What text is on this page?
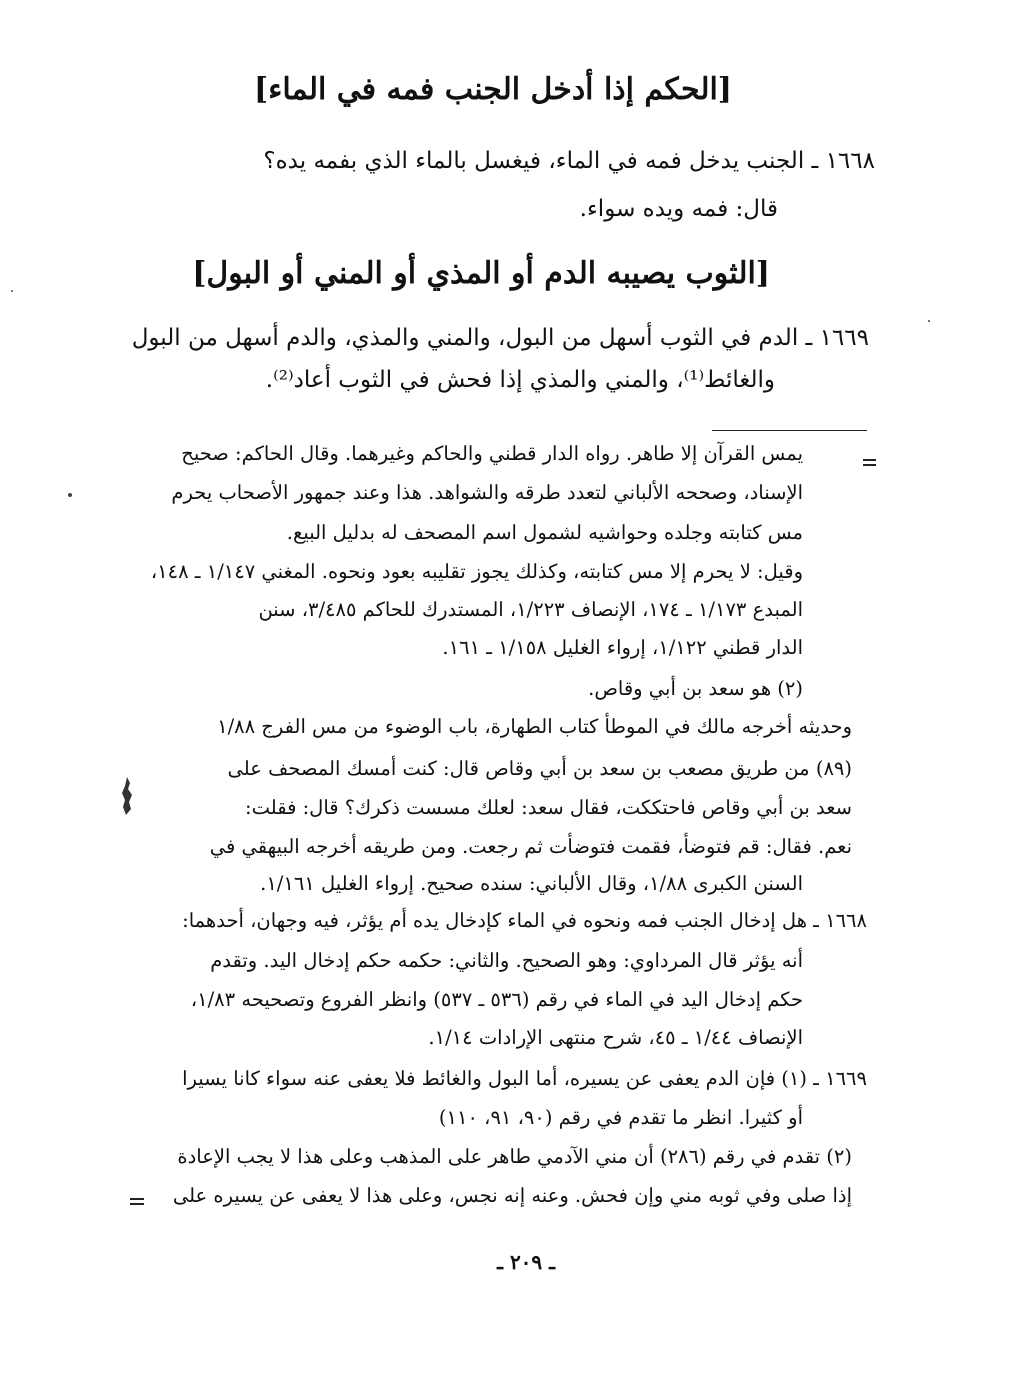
[الحكم إذا أدخل الجنب فمه في الماء]
١٦٦٨ ـ الجنب يدخل فمه في الماء، فيغسل بالماء الذي بفمه يده؟
قال: فمه ويده سواء.
[الثوب يصيبه الدم أو المذي أو المني أو البول]
١٦٦٩ ـ الدم في الثوب أسهل من البول، والمني والمذي، والدم أسهل من البول
والغائط⁽¹⁾، والمني والمذي إذا فحش في الثوب أعاد⁽²⁾.
يمس القرآن إلا طاهر. رواه الدار قطني والحاكم وغيرهما. وقال الحاكم: صحيح
الإسناد، وصححه الألباني لتعدد طرقه والشواهد. هذا وعند جمهور الأصحاب يحرم
مس كتابته وجلده وحواشيه لشمول اسم المصحف له بدليل البيع.
وقيل: لا يحرم إلا مس كتابته، وكذلك يجوز تقليبه بعود ونحوه. المغني ١/١٤٧ ـ ١٤٨،
المبدع ١/١٧٣ ـ ١٧٤، الإنصاف ١/٢٢٣، المستدرك للحاكم ٣/٤٨٥، سنن
الدار قطني ١/١٢٢، إرواء الغليل ١/١٥٨ ـ ١٦١.
(٢) هو سعد بن أبي وقاص.
وحديثه أخرجه مالك في الموطأ كتاب الطهارة، باب الوضوء من مس الفرج ١/٨٨
(٨٩) من طريق مصعب بن سعد بن أبي وقاص قال: كنت أمسك المصحف على
سعد بن أبي وقاص فاحتككت، فقال سعد: لعلك مسست ذكرك؟ قال: فقلت:
نعم. فقال: قم فتوضأ، فقمت فتوضأت ثم رجعت. ومن طريقه أخرجه البيهقي في
السنن الكبرى ١/٨٨، وقال الألباني: سنده صحيح. إرواء الغليل ١/١٦١.
١٦٦٨ ـ هل إدخال الجنب فمه ونحوه في الماء كإدخال يده أم يؤثر، فيه وجهان، أحدهما:
أنه يؤثر قال المرداوي: وهو الصحيح. والثاني: حكمه حكم إدخال اليد. وتقدم
حكم إدخال اليد في الماء في رقم (٥٣٦ ـ ٥٣٧) وانظر الفروع وتصحيحه ١/٨٣،
الإنصاف ١/٤٤ ـ ٤٥، شرح منتهى الإرادات ١/١٤.
١٦٦٩ ـ (١) فإن الدم يعفى عن يسيره، أما البول والغائط فلا يعفى عنه سواء كانا يسيرا
أو كثيرا. انظر ما تقدم في رقم (٩٠، ٩١، ١١٠)
(٢) تقدم في رقم (٢٨٦) أن مني الآدمي طاهر على المذهب وعلى هذا لا يجب الإعادة
إذا صلى وفي ثوبه مني وإن فحش. وعنه إنه نجس، وعلى هذا لا يعفى عن يسيره على
ـ ٢٠٩ ـ
